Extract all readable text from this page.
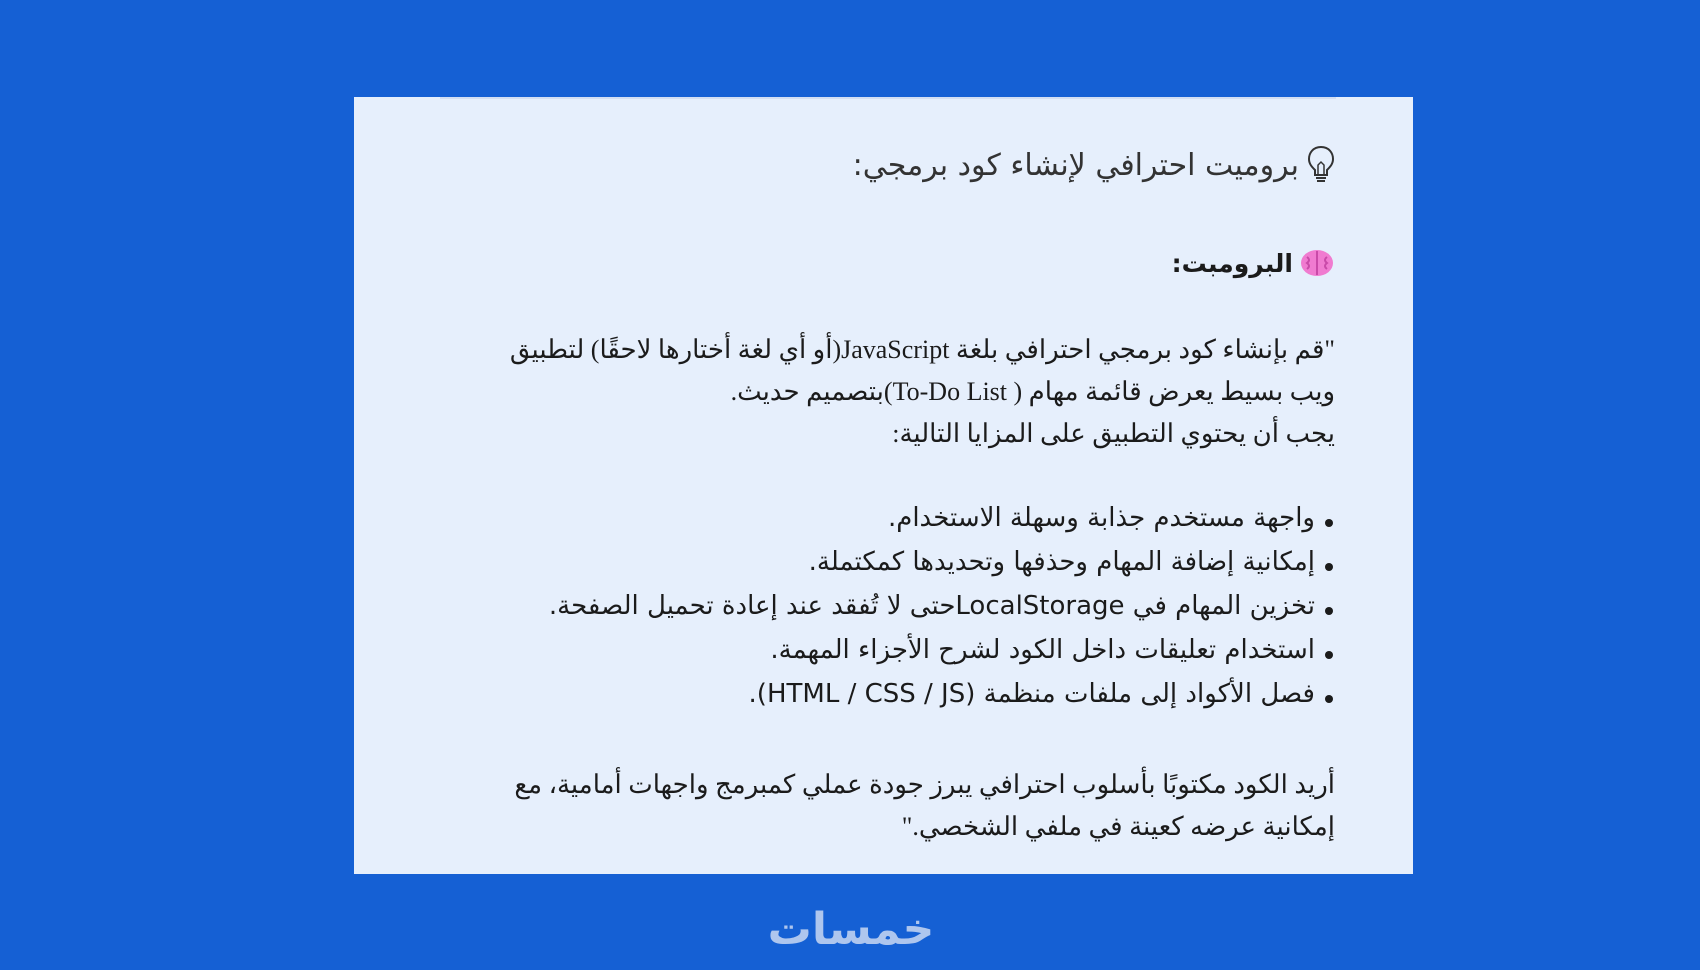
بروميت احترافي لإنشاء كود برمجي:
البرومبت:
"قم بإنشاء كود برمجي احترافي بلغة JavaScript(أو أي لغة أختارها لاحقًا) لتطبيق
ويب بسيط يعرض قائمة مهام ( To-Do List)بتصميم حديث.
يجب أن يحتوي التطبيق على المزايا التالية:
واجهة مستخدم جذابة وسهلة الاستخدام.
إمكانية إضافة المهام وحذفها وتحديدها كمكتملة.
تخزين المهام في LocalStorageحتى لا تُفقد عند إعادة تحميل الصفحة.
استخدام تعليقات داخل الكود لشرح الأجزاء المهمة.
فصل الأكواد إلى ملفات منظمة (HTML / CSS / JS).
أريد الكود مكتوبًا بأسلوب احترافي يبرز جودة عملي كمبرمج واجهات أمامية، مع
إمكانية عرضه كعينة في ملفي الشخصي."
خمسات
